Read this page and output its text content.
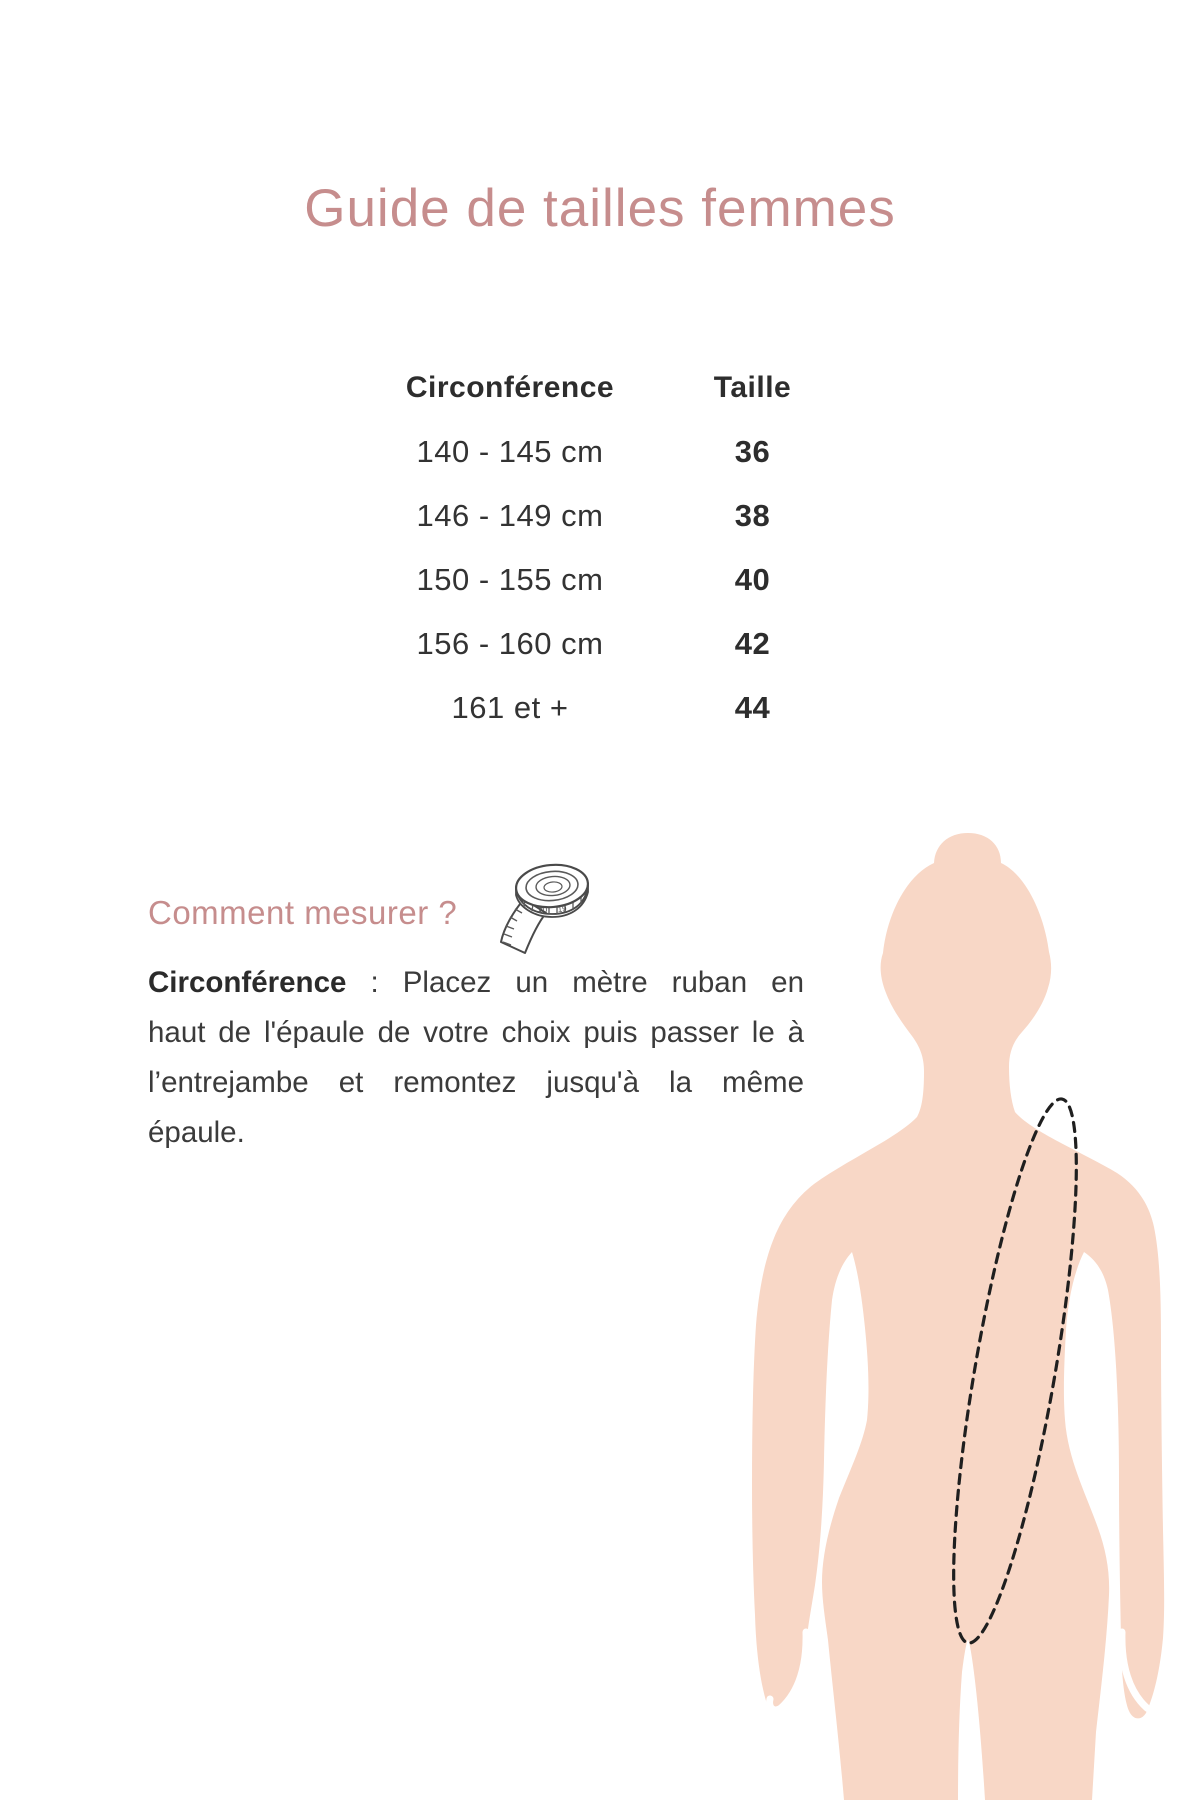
Guide de tailles femmes
Circonférence	Taille
140 - 145 cm	36
146 - 149 cm	38
150 - 155 cm	40
156 - 160 cm	42
161 et +	44
Comment mesurer ?	20 19
Circonférence : Placez un mètre ruban en
haut de l'épaule de votre choix puis passer le à
l’entrejambe et remontez jusqu'à la même
épaule.
